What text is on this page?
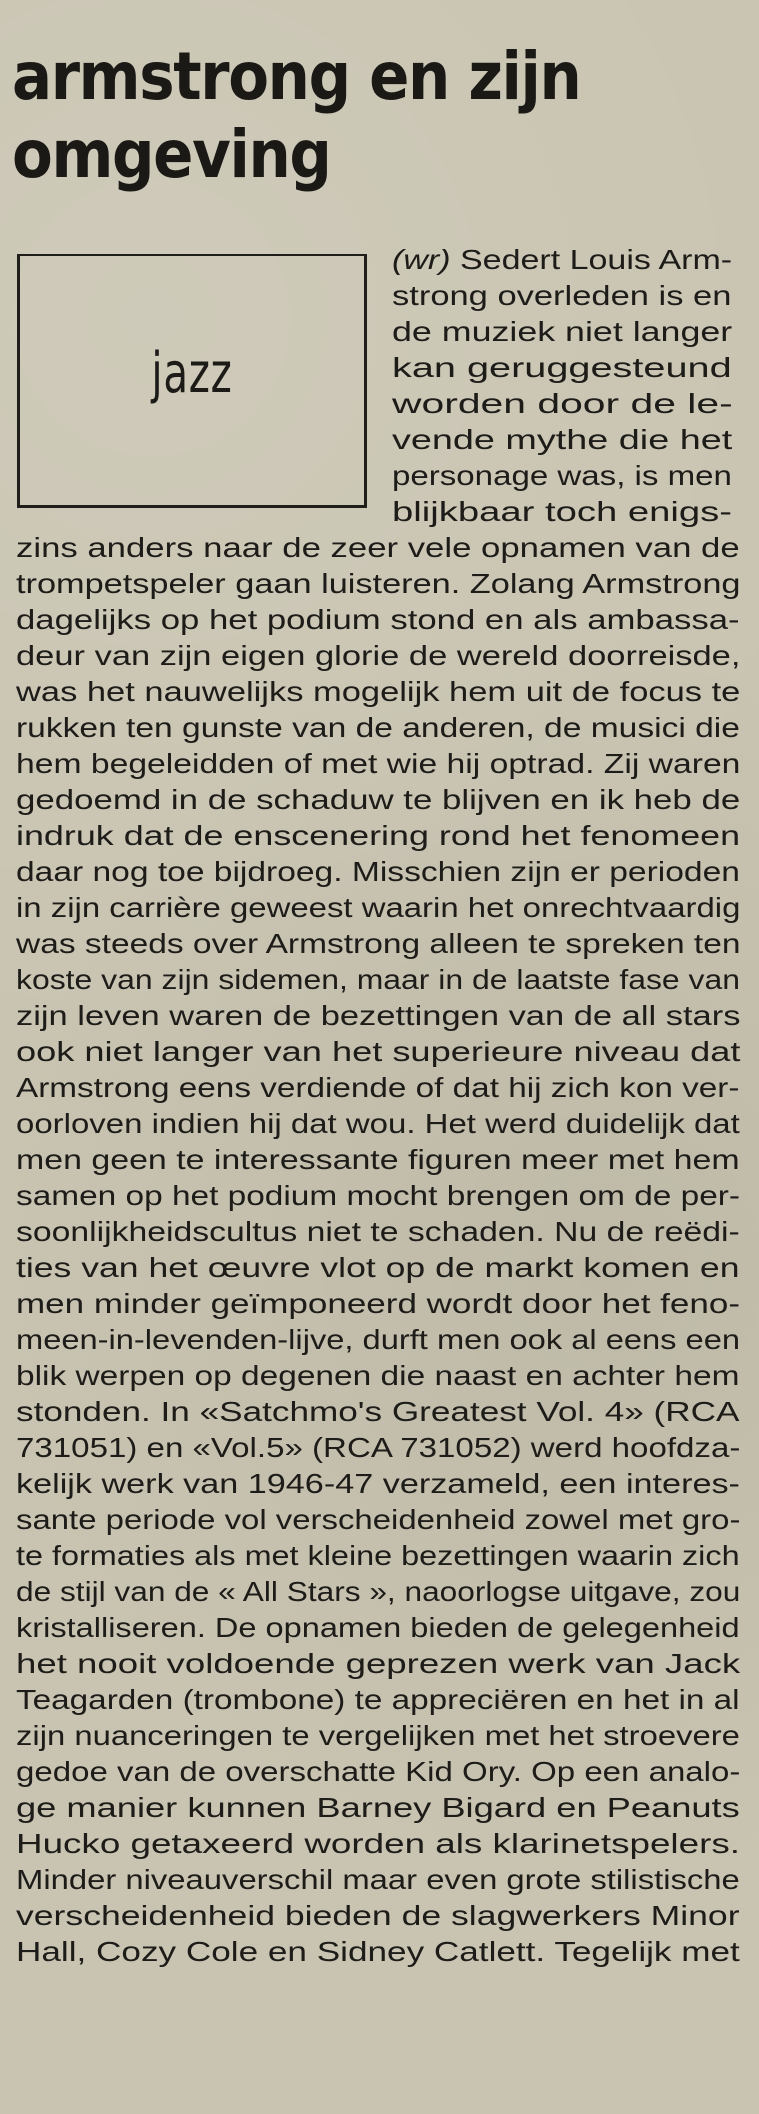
armstrong en zijn
omgeving
jazz
(wr) Sedert Louis Arm-
strong overleden is en
de muziek niet langer
kan geruggesteund
worden door de le-
vende mythe die het
personage was, is men
blijkbaar toch enigs-
zins anders naar de zeer vele opnamen van de
trompetspeler gaan luisteren. Zolang Armstrong
dagelijks op het podium stond en als ambassa-
deur van zijn eigen glorie de wereld doorreisde,
was het nauwelijks mogelijk hem uit de focus te
rukken ten gunste van de anderen, de musici die
hem begeleidden of met wie hij optrad. Zij waren
gedoemd in de schaduw te blijven en ik heb de
indruk dat de enscenering rond het fenomeen
daar nog toe bijdroeg. Misschien zijn er perioden
in zijn carrière geweest waarin het onrechtvaardig
was steeds over Armstrong alleen te spreken ten
koste van zijn sidemen, maar in de laatste fase van
zijn leven waren de bezettingen van de all stars
ook niet langer van het superieure niveau dat
Armstrong eens verdiende of dat hij zich kon ver-
oorloven indien hij dat wou. Het werd duidelijk dat
men geen te interessante figuren meer met hem
samen op het podium mocht brengen om de per-
soonlijkheidscultus niet te schaden. Nu de reëdi-
ties van het œuvre vlot op de markt komen en
men minder geïmponeerd wordt door het feno-
meen-in-levenden-lijve, durft men ook al eens een
blik werpen op degenen die naast en achter hem
stonden. In «Satchmo's Greatest Vol. 4» (RCA
731051) en «Vol.5» (RCA 731052) werd hoofdza-
kelijk werk van 1946-47 verzameld, een interes-
sante periode vol verscheidenheid zowel met gro-
te formaties als met kleine bezettingen waarin zich
de stijl van de « All Stars », naoorlogse uitgave, zou
kristalliseren. De opnamen bieden de gelegenheid
het nooit voldoende geprezen werk van Jack
Teagarden (trombone) te appreciëren en het in al
zijn nuanceringen te vergelijken met het stroevere
gedoe van de overschatte Kid Ory. Op een analo-
ge manier kunnen Barney Bigard en Peanuts
Hucko getaxeerd worden als klarinetspelers.
Minder niveauverschil maar even grote stilistische
verscheidenheid bieden de slagwerkers Minor
Hall, Cozy Cole en Sidney Catlett. Tegelijk met
